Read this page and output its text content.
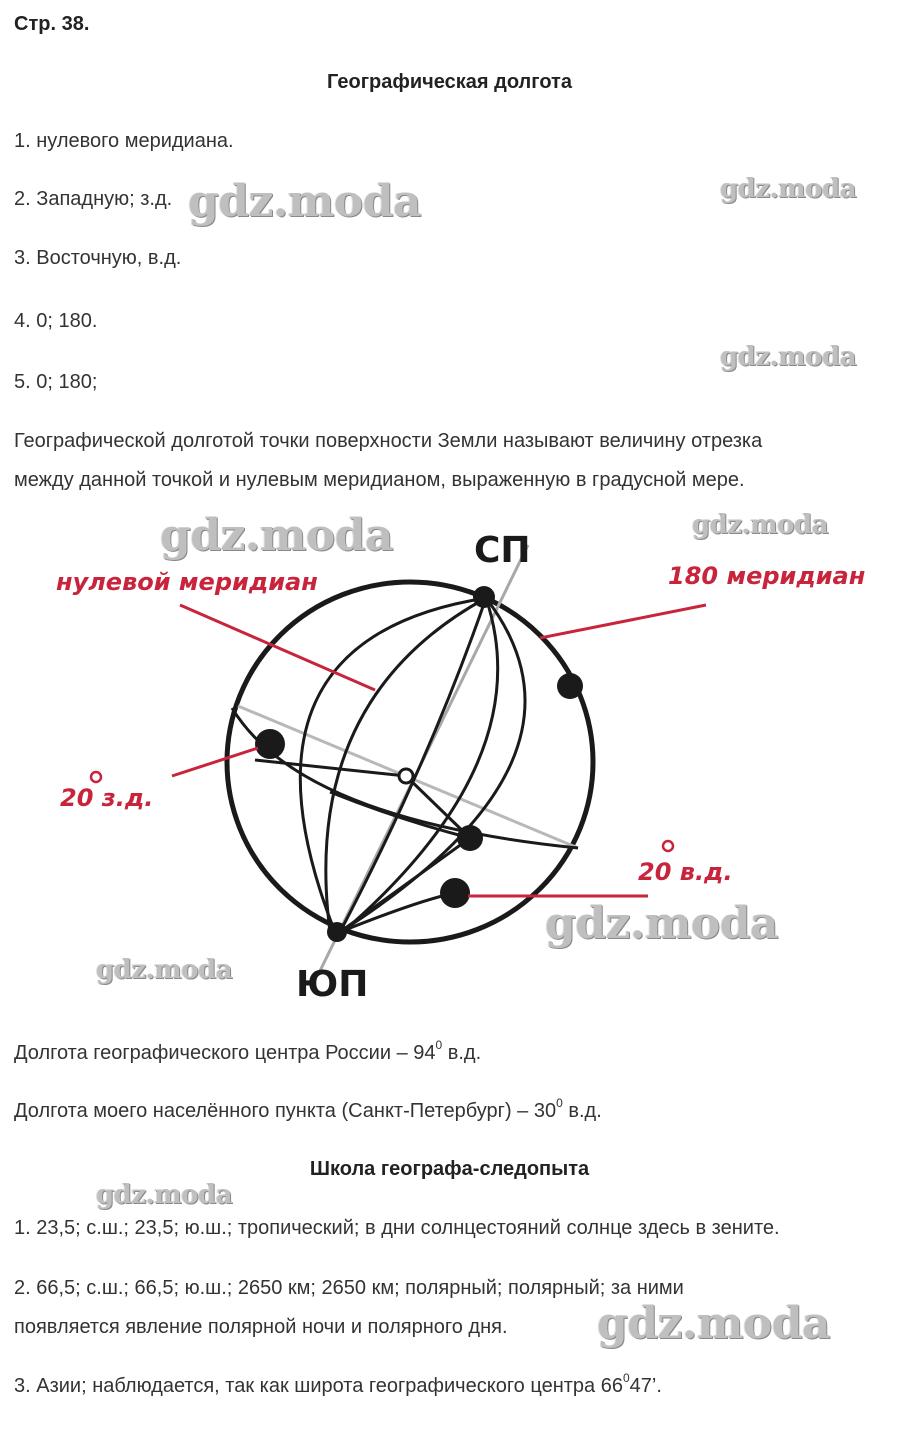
Стр. 38.
Географическая долгота
1. нулевого меридиана.
2. Западную; з.д.
3. Восточную, в.д.
4. 0; 180.
5. 0; 180;
Географической долготой точки поверхности Земли называют величину отрезка
между данной точкой и нулевым меридианом, выраженную в градусной мере.
нулевой меридиан	180 меридиан
20 з.д.
20 в.д.
СП
ЮП
Долгота географического центра России – $94^0$ в.д.
Долгота моего населённого пункта (Санкт-Петербург) – $30^0$ в.д.
Школа географа-следопыта
1. 23,5; с.ш.; 23,5; ю.ш.; тропический; в дни солнцестояний солнце здесь в зените.
2. 66,5; с.ш.; 66,5; ю.ш.; 2650 км; 2650 км; полярный; полярный; за ними
появляется явление полярной ночи и полярного дня.
3. Азии; наблюдается, так как широта географического центра $66^047$’.
gdz.moda	gdz.moda
gdz.moda
gdz.moda	gdz.moda
gdz.moda
gdz.moda
gdz.moda
gdz.moda
